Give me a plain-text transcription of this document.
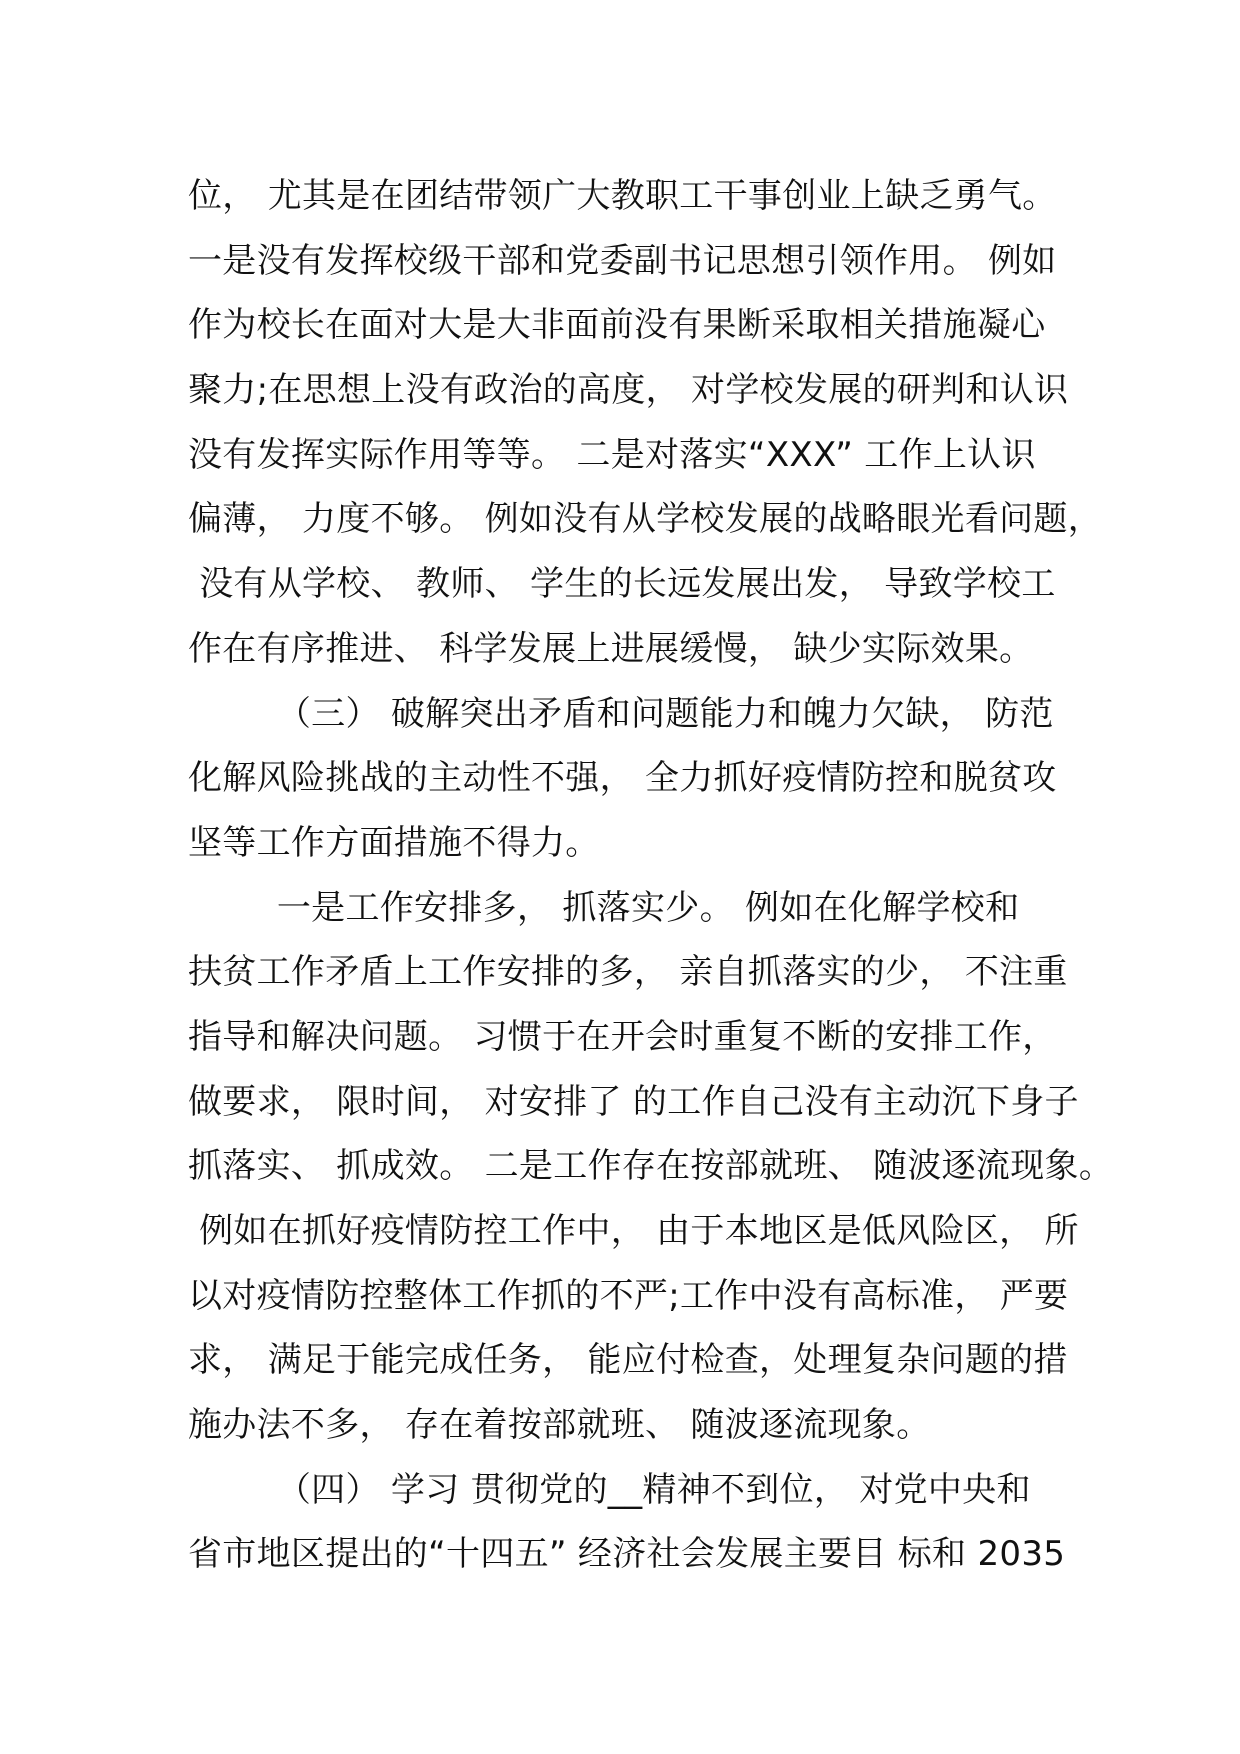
位， 尤其是在团结带领广大教职工干事创业上缺乏勇气。
一是没有发挥校级干部和党委副书记思想引领作用。 例如
作为校长在面对大是大非面前没有果断采取相关措施凝心
聚力;在思想上没有政治的高度， 对学校发展的研判和认识
没有发挥实际作用等等。 二是对落实“XXX” 工作上认识
偏薄， 力度不够。 例如没有从学校发展的战略眼光看问题，
没有从学校、 教师、 学生的长远发展出发， 导致学校工
作在有序推进、 科学发展上进展缓慢， 缺少实际效果。
（三） 破解突出矛盾和问题能力和魄力欠缺， 防范
化解风险挑战的主动性不强， 全力抓好疫情防控和脱贫攻
坚等工作方面措施不得力。
一是工作安排多， 抓落实少。 例如在化解学校和
扶贫工作矛盾上工作安排的多， 亲自抓落实的少， 不注重
指导和解决问题。 习惯于在开会时重复不断的安排工作，
做要求， 限时间， 对安排了 的工作自己没有主动沉下身子
抓落实、 抓成效。 二是工作存在按部就班、 随波逐流现象。
例如在抓好疫情防控工作中， 由于本地区是低风险区， 所
以对疫情防控整体工作抓的不严;工作中没有高标准， 严要
求， 满足于能完成任务， 能应付检查，处理复杂问题的措
施办法不多， 存在着按部就班、 随波逐流现象。
（四） 学习 贯彻党的__精神不到位， 对党中央和
省市地区提出的“十四五” 经济社会发展主要目 标和 2035
